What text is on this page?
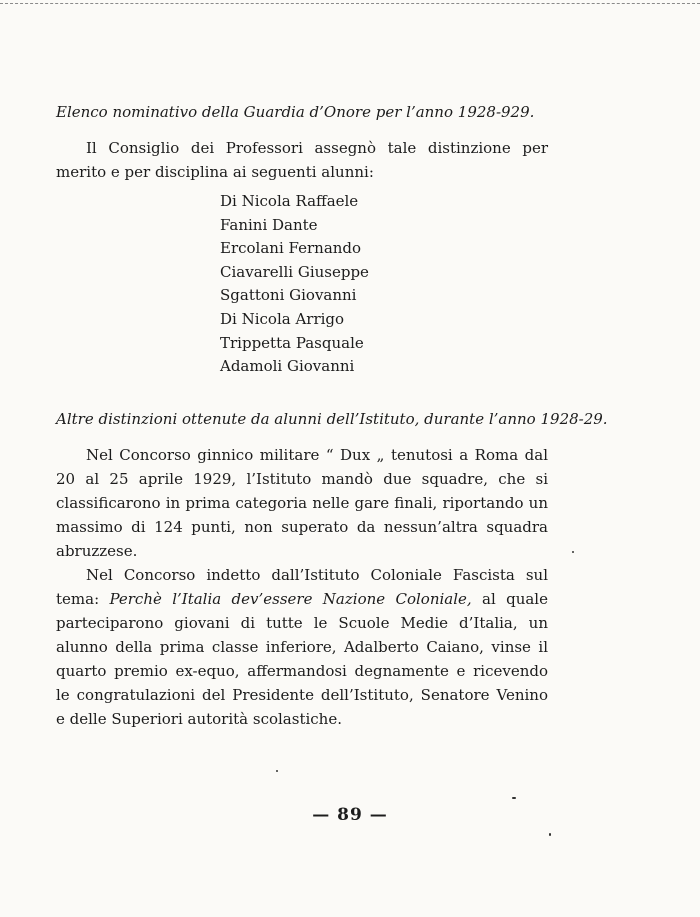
Elenco nominativo della Guardia d’Onore per l’anno 1928-929.

Il Consiglio dei Professori assegnò tale distinzione per merito e per disciplina ai seguenti alunni:

Di Nicola Raffaele
Fanini Dante
Ercolani Fernando
Ciavarelli Giuseppe
Sgattoni Giovanni
Di Nicola Arrigo
Trippetta Pasquale
Adamoli Giovanni

Altre distinzioni ottenute da alunni dell’Istituto, durante l’anno 1928-29.

Nel Concorso ginnico militare “ Dux „ tenutosi a Roma dal 20 al 25 aprile 1929, l’Istituto mandò due squadre, che si classificarono in prima categoria nelle gare finali, riportando un massimo di 124 punti, non superato da nessun’altra squadra abruzzese.

Nel Concorso indetto dall’Istituto Coloniale Fascista sul tema: Perchè l’Italia dev’essere Nazione Coloniale, al quale parteciparono giovani di tutte le Scuole Medie d’Italia, un alunno della prima classe inferiore, Adalberto Caiano, vinse il quarto premio ex-equo, affermandosi degnamente e ricevendo le congratulazioni del Presidente dell’Istituto, Senatore Venino e delle Superiori autorità scolastiche.

— 89 —
